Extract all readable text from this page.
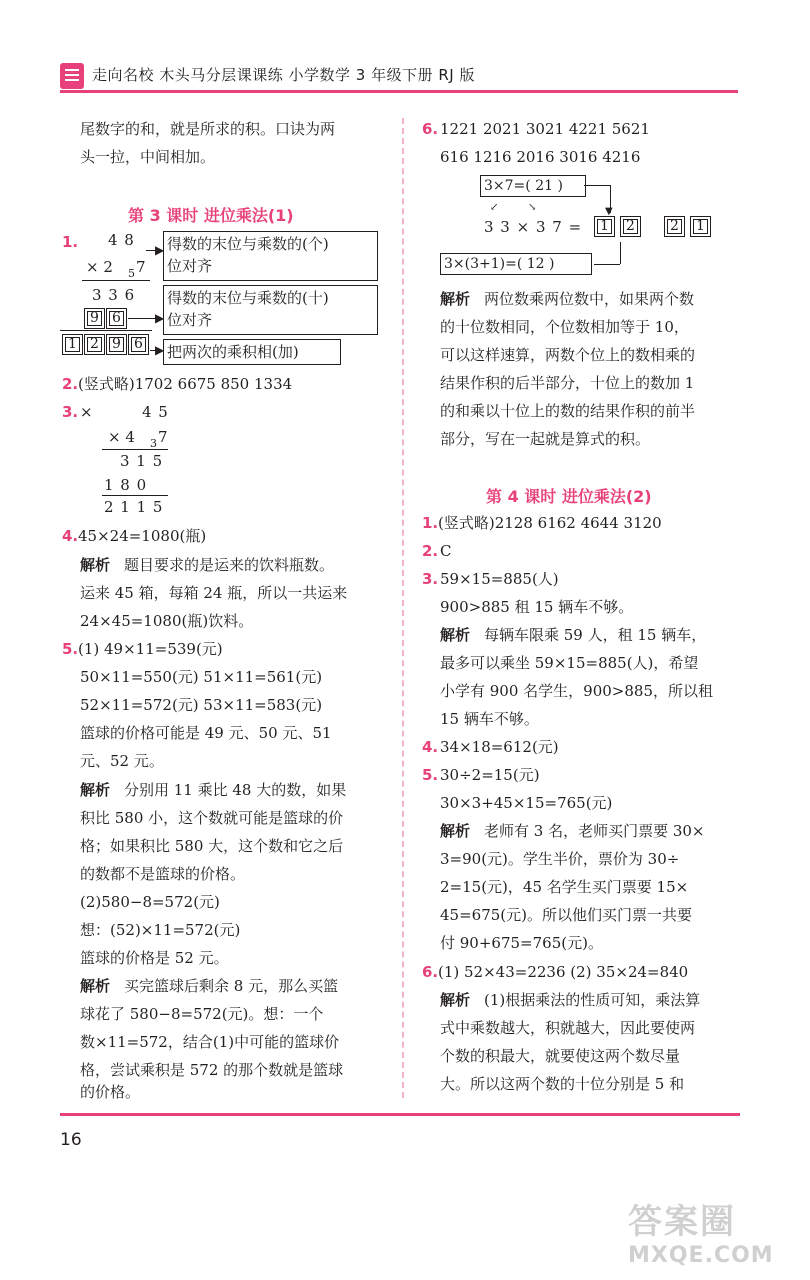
走向名校 木头马分层课课练 小学数学 3 年级下册 RJ 版
尾数字的和，就是所求的积。口诀为两
头一拉，中间相加。
第 3 课时 进位乘法(1)
1. 4 8
× 2 5 7
3 3 6
9 6
1 2 9 6
▶
▶
▶
得数的末位与乘数的(个)
位对齐
得数的末位与乘数的(十)
位对齐
把两次的乘积相(加)
2. (竖式略)1702 6675 850 1334
3. ×	4 5
× 4 3 7
3 1 5
1 8 0
2 1 1 5
4. 45×24=1080(瓶)
解析 题目要求的是运来的饮料瓶数。
运来 45 箱，每箱 24 瓶，所以一共运来
24×45=1080(瓶)饮料。
5. (1) 49×11=539(元)
50×11=550(元) 51×11=561(元)
52×11=572(元) 53×11=583(元)
篮球的价格可能是 49 元、50 元、51
元、52 元。
解析 分别用 11 乘比 48 大的数，如果
积比 580 小，这个数就可能是篮球的价
格；如果积比 580 大，这个数和它之后
的数都不是篮球的价格。
(2)580−8=572(元)
想：(52)×11=572(元)
篮球的价格是 52 元。
解析 买完篮球后剩余 8 元，那么买篮
球花了 580−8=572(元)。想：一个
数×11=572，结合(1)中可能的篮球价
格，尝试乘积是 572 的那个数就是篮球
的价格。
6. 1221 2021 3021 4221 5621
616 1216 2016 3016 4216
3×7=( 21 )
▼
3 3 × 3 7 =	1	2	2	1
3×(3+1)=( 12 )
↙	↘
解析 两位数乘两位数中，如果两个数
的十位数相同，个位数相加等于 10，
可以这样速算，两数个位上的数相乘的
结果作积的后半部分，十位上的数加 1
的和乘以十位上的数的结果作积的前半
部分，写在一起就是算式的积。
第 4 课时 进位乘法(2)
1. (竖式略)2128 6162 4644 3120
2. C
3. 59×15=885(人)
900>885 租 15 辆车不够。
解析 每辆车限乘 59 人，租 15 辆车，
最多可以乘坐 59×15=885(人)，希望
小学有 900 名学生，900>885，所以租
15 辆车不够。
4. 34×18=612(元)
5. 30÷2=15(元)
30×3+45×15=765(元)
解析 老师有 3 名，老师买门票要 30×
3=90(元)。学生半价，票价为 30÷
2=15(元)，45 名学生买门票要 15×
45=675(元)。所以他们买门票一共要
付 90+675=765(元)。
6. (1) 52×43=2236 (2) 35×24=840
解析 (1)根据乘法的性质可知，乘法算
式中乘数越大，积就越大，因此要使两
个数的积最大，就要使这两个数尽量
大。所以这两个数的十位分别是 5 和
16
答案圈
MXQE.COM
